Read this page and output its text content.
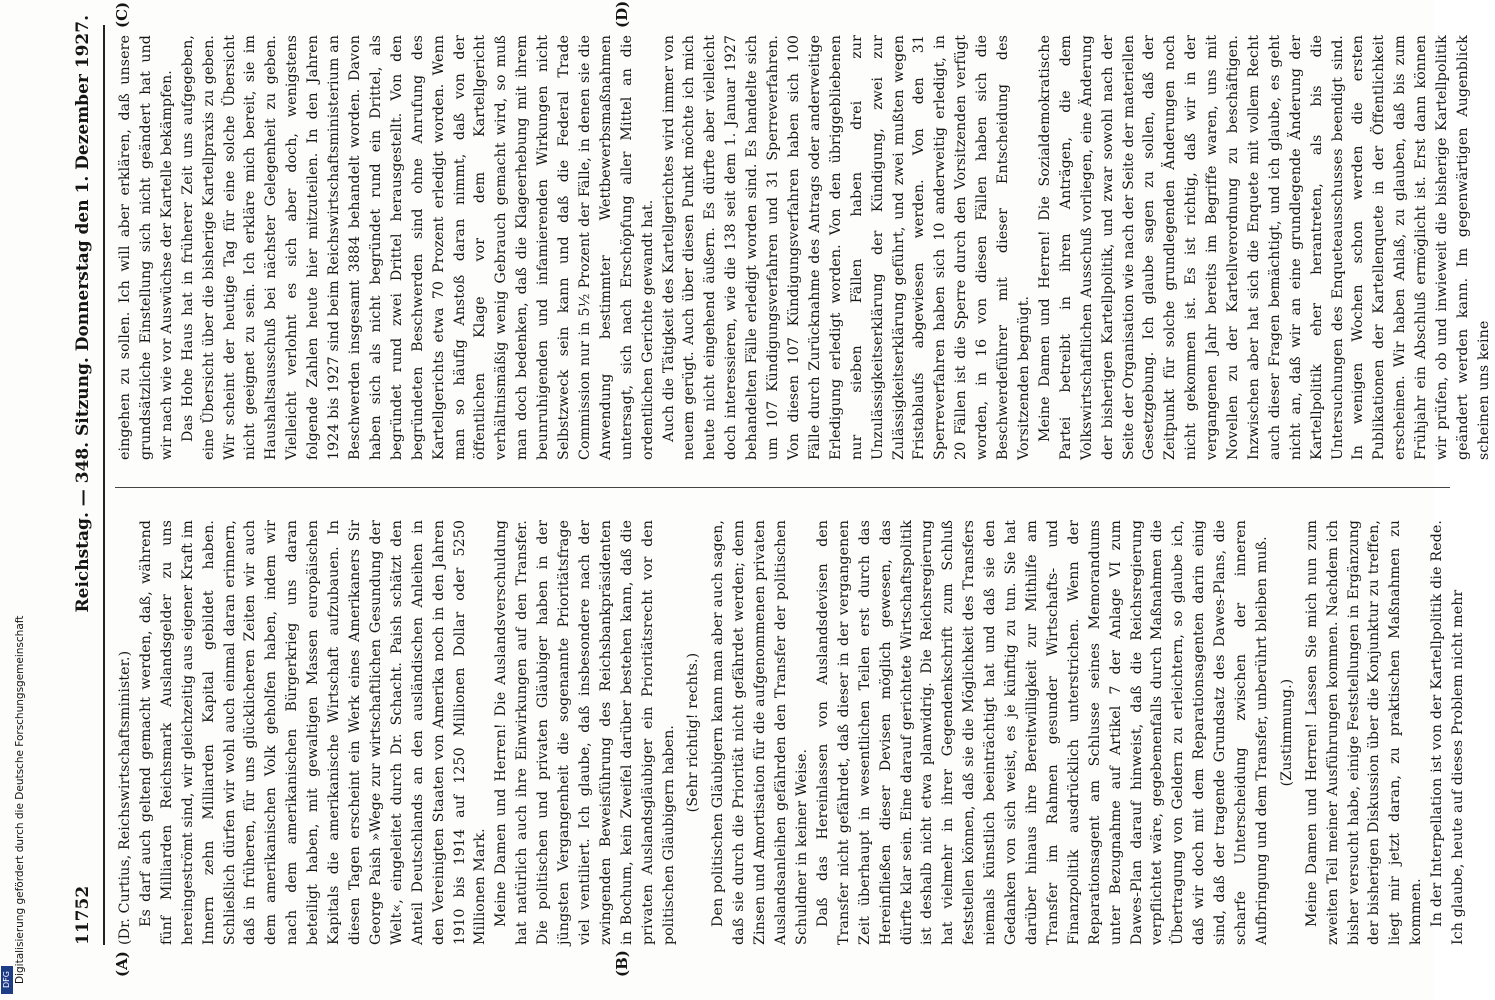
11752
Reichstag. — 348. Sitzung. Donnerstag den 1. Dezember 1927.

(Dr. Curtius, Reichswirtschaftsminister.) Es darf auch geltend gemacht werden, daß, während fünf Milliarden Reichsmark Auslandsgelder zu uns hereingeströmt sind, wir gleichzeitig aus eigener Kraft im Innern zehn Milliarden Kapital gebildet haben. Schließlich dürfen wir wohl auch einmal daran erinnern, daß in früheren, für uns glücklicheren Zeiten wir auch dem amerikanischen Volk geholfen haben, indem wir nach dem amerikanischen Bürgerkrieg uns daran beteiligt haben, mit gewaltigen Massen europäischen Kapitals die amerikanische Wirtschaft aufzubauen. In diesen Tagen erscheint ein Werk eines Amerikaners Sir George Paish »Wege zur wirtschaftlichen Gesundung der Welt«, eingeleitet durch Dr. Schacht. Paish schätzt den Anteil Deutschlands an den ausländischen Anleihen in den Vereinigten Staaten von Amerika noch in den Jahren 1910 bis 1914 auf 1250 Millionen Dollar oder 5250 Millionen Mark. Meine Damen und Herren! Die Auslandsverschuldung hat natürlich auch ihre Einwirkungen auf den Transfer. Die politischen und privaten Gläubiger haben in der jüngsten Vergangenheit die sogenannte Prioritätsfrage viel ventiliert. Ich glaube, daß insbesondere nach der zwingenden Beweisführung des Reichsbankpräsidenten in Bochum, kein Zweifel darüber bestehen kann, daß die privaten Auslandsgläubiger ein Prioritätsrecht vor den politischen Gläubigern haben. (Sehr richtig! rechts.) Den politischen Gläubigern kann man aber auch sagen, daß sie durch die Priorität nicht gefährdet werden; denn Zinsen und Amortisation für die aufgenommenen privaten Auslandsanleihen gefährden den Transfer der politischen Schuldner in keiner Weise. Daß das Hereinlassen von Auslandsdevisen den Transfer nicht gefährdet, daß dieser in der vergangenen Zeit überhaupt in wesentlichen Teilen erst durch das Hereinfließen dieser Devisen möglich gewesen, das dürfte klar sein. Eine darauf gerichtete Wirtschaftspolitik ist deshalb nicht etwa planwidrig. Die Reichsregierung hat vielmehr in ihrer Gegendenkschrift zum Schluß feststellen können, daß sie die Möglichkeit des Transfers niemals künstlich beeinträchtigt hat und daß sie den Gedanken von sich weist, es je künftig zu tun. Sie hat darüber hinaus ihre Bereitwilligkeit zur Mithilfe am Transfer im Rahmen gesunder Wirtschafts- und Finanzpolitik ausdrücklich unterstrichen. Wenn der Reparationsagent am Schlusse seines Memorandums unter Bezugnahme auf Artikel 7 der Anlage VI zum Dawes-Plan darauf hinweist, daß die Reichsregierung verpflichtet wäre, gegebenenfalls durch Maßnahmen die Übertragung von Geldern zu erleichtern, so glaube ich, daß wir doch mit dem Reparationsagenten darin einig sind, daß der tragende Grundsatz des Dawes-Plans, die scharfe Unterscheidung zwischen der inneren Aufbringung und dem Transfer, unberührt bleiben muß. (Zustimmung.) Meine Damen und Herren! Lassen Sie mich nun zum zweiten Teil meiner Ausführungen kommen. Nachdem ich bisher versucht habe, einige Feststellungen in Ergänzung der bisherigen Diskussion über die Konjunktur zu treffen, liegt mir jetzt daran, zu praktischen Maßnahmen zu kommen. In der Interpellation ist von der Kartellpolitik die Rede. Ich glaube, heute auf dieses Problem nicht mehr

eingehen zu sollen. Ich will aber erklären, daß unsere grundsätzliche Einstellung sich nicht geändert hat und wir nach wie vor Auswüchse der Kartelle bekämpfen. Das Hohe Haus hat in früherer Zeit uns aufgegeben, eine Übersicht über die bisherige Kartellpraxis zu geben. Wir scheint der heutige Tag für eine solche Übersicht nicht geeignet zu sein. Ich erkläre mich bereit, sie im Haushaltsausschuß bei nächster Gelegenheit zu geben. Vielleicht verlohnt es sich aber doch, wenigstens folgende Zahlen heute hier mitzuteilen. In den Jahren 1924 bis 1927 sind beim Reichswirtschaftsministerium an Beschwerden insgesamt 3884 behandelt worden. Davon haben sich als nicht begründet rund ein Drittel, als begründet rund zwei Drittel herausgestellt. Von den begründeten Beschwerden sind ohne Anrufung des Kartellgerichts etwa 70 Prozent erledigt worden. Wenn man so häufig Anstoß daran nimmt, daß von der öffentlichen Klage vor dem Kartellgericht verhältnismäßig wenig Gebrauch gemacht wird, so muß man doch bedenken, daß die Klageerhebung mit ihrem beunruhigenden und infamierenden Wirkungen nicht Selbstzweck sein kann und daß die Federal Trade Commission nur in 5½ Prozent der Fälle, in denen sie die Anwendung bestimmter Wettbewerbsmaßnahmen untersagt, sich nach Erschöpfung aller Mittel an die ordentlichen Gerichte gewandt hat. Auch die Tätigkeit des Kartellgerichtes wird immer von neuem gerügt. Auch über diesen Punkt möchte ich mich heute nicht eingehend äußern. Es dürfte aber vielleicht doch interessieren, wie die 138 seit dem 1. Januar 1927 behandelten Fälle erledigt worden sind. Es handelte sich um 107 Kündigungsverfahren und 31 Sperreverfahren. Von diesen 107 Kündigungsverfahren haben sich 100 Fälle durch Zurücknahme des Antrags oder anderweitige Erledigung erledigt worden. Von den übriggebliebenen nur sieben Fällen haben drei zur Unzulässigkeitserklärung der Kündigung, zwei zur Zulässigkeitserklärung geführt, und zwei mußten wegen Fristablaufs abgewiesen werden. Von den 31 Sperreverfahren haben sich 10 anderweitig erledigt, in 20 Fällen ist die Sperre durch den Vorsitzenden verfügt worden, in 16 von diesen Fällen haben sich die Beschwerdeführer mit dieser Entscheidung des Vorsitzenden begnügt. Meine Damen und Herren! Die Sozialdemokratische Partei betreibt in ihren Anträgen, die dem Volkswirtschaftlichen Ausschuß vorliegen, eine Änderung der bisherigen Kartellpolitik, und zwar sowohl nach der Seite der Organisation wie nach der Seite der materiellen Gesetzgebung. Ich glaube sagen zu sollen, daß der Zeitpunkt für solche grundlegenden Änderungen noch nicht gekommen ist. Es ist richtig, daß wir in der vergangenen Jahr bereits im Begriffe waren, uns mit Novellen zu der Kartellverordnung zu beschäftigen. Inzwischen aber hat sich die Enquete mit vollem Recht auch dieser Fragen bemächtigt, und ich glaube, es geht nicht an, daß wir an eine grundlegende Änderung der Kartellpolitik eher herantreten, als bis die Untersuchungen des Enqueteausschusses beendigt sind. In wenigen Wochen schon werden die ersten Publikationen der Kartellenquete in der Öffentlichkeit erscheinen. Wir haben Anlaß, zu glauben, daß bis zum Frühjahr ein Abschluß ermöglicht ist. Erst dann können wir prüfen, ob und inwieweit die bisherige Kartellpolitik geändert werden kann. Im gegenwärtigen Augenblick scheinen uns keine

(A)	(B)
(C)	(D)
Digitalisierung gefördert durch die Deutsche Forschungsgemeinschaft
DFG
